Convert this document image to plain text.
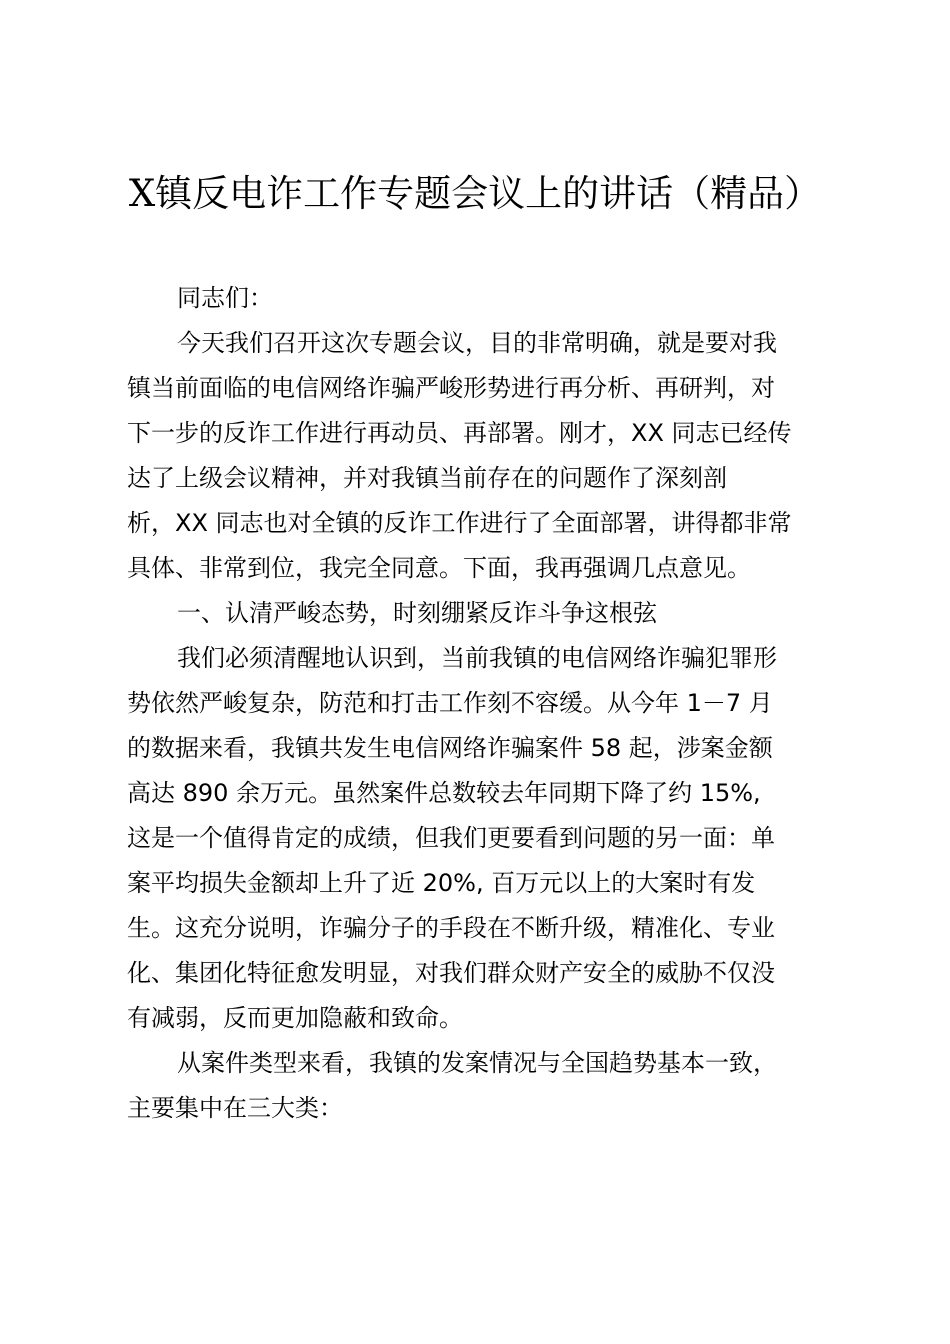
X镇反电诈工作专题会议上的讲话（精品）
同志们：
今天我们召开这次专题会议，目的非常明确，就是要对我
镇当前面临的电信网络诈骗严峻形势进行再分析、再研判，对
下一步的反诈工作进行再动员、再部署。刚才，XX 同志已经传
达了上级会议精神，并对我镇当前存在的问题作了深刻剖
析，XX 同志也对全镇的反诈工作进行了全面部署，讲得都非常
具体、非常到位，我完全同意。下面，我再强调几点意见。
一、认清严峻态势，时刻绷紧反诈斗争这根弦
我们必须清醒地认识到，当前我镇的电信网络诈骗犯罪形
势依然严峻复杂，防范和打击工作刻不容缓。从今年 1－7 月
的数据来看，我镇共发生电信网络诈骗案件 58 起，涉案金额
高达 890 余万元。虽然案件总数较去年同期下降了约 15%,
这是一个值得肯定的成绩，但我们更要看到问题的另一面：单
案平均损失金额却上升了近 20%, 百万元以上的大案时有发
生。这充分说明，诈骗分子的手段在不断升级，精准化、专业
化、集团化特征愈发明显，对我们群众财产安全的威胁不仅没
有减弱，反而更加隐蔽和致命。
从案件类型来看，我镇的发案情况与全国趋势基本一致，
主要集中在三大类：
